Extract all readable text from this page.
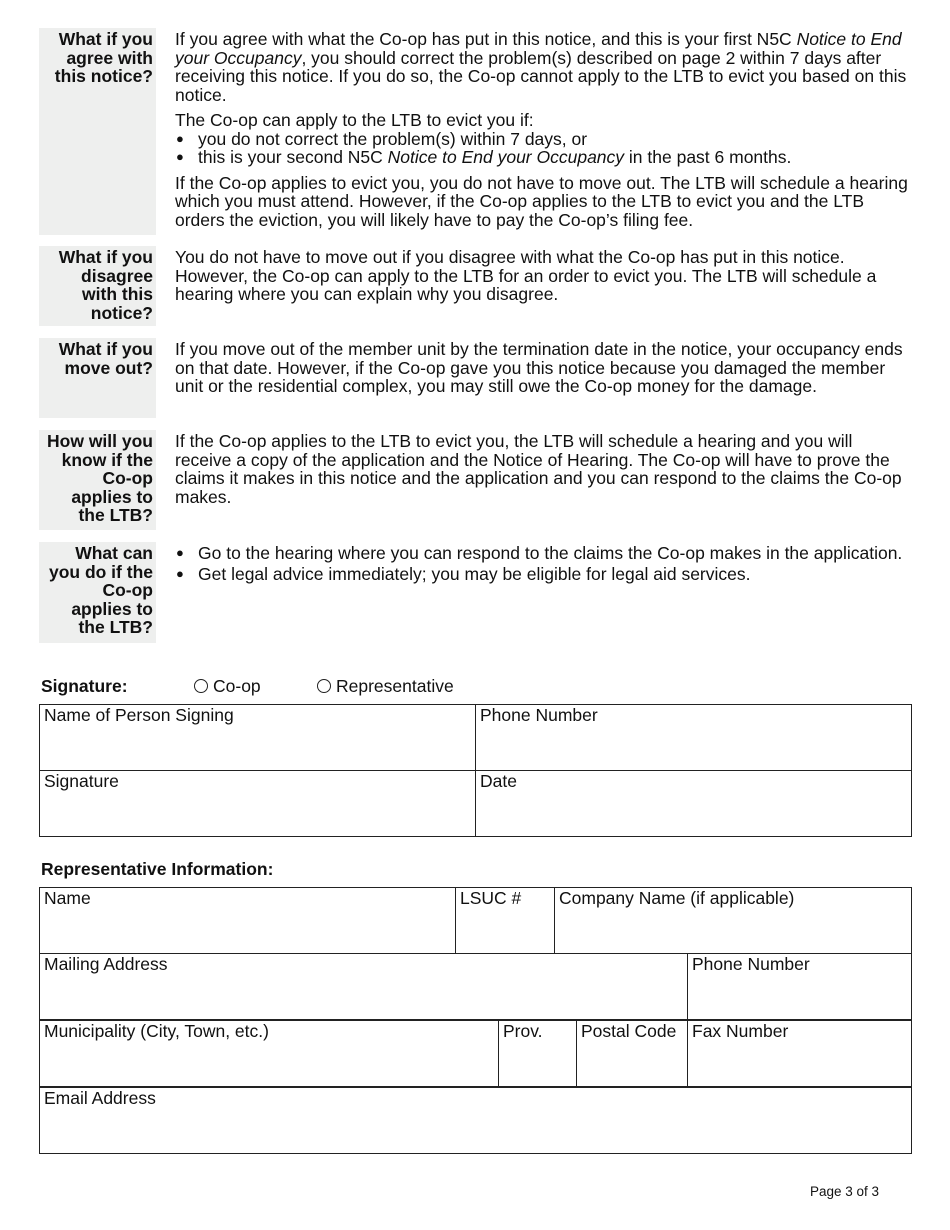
What if you
agree with
this notice?

If you agree with what the Co-op has put in this notice, and this is your first N5C Notice to End your Occupancy, you should correct the problem(s) described on page 2 within 7 days after receiving this notice. If you do so, the Co-op cannot apply to the LTB to evict you based on this notice.

The Co-op can apply to the LTB to evict you if:

● you do not correct the problem(s) within 7 days, or
● this is your second N5C Notice to End your Occupancy in the past 6 months.

If the Co-op applies to evict you, you do not have to move out. The LTB will schedule a hearing which you must attend. However, if the Co-op applies to the LTB to evict you and the LTB orders the eviction, you will likely have to pay the Co-op’s filing fee.

What if you
disagree
with this
notice?

You do not have to move out if you disagree with what the Co-op has put in this notice. However, the Co-op can apply to the LTB for an order to evict you. The LTB will schedule a hearing where you can explain why you disagree.

What if you
move out?

If you move out of the member unit by the termination date in the notice, your occupancy ends on that date. However, if the Co-op gave you this notice because you damaged the member unit or the residential complex, you may still owe the Co-op money for the damage.

How will you
know if the
Co-op
applies to
the LTB?

If the Co-op applies to the LTB to evict you, the LTB will schedule a hearing and you will receive a copy of the application and the Notice of Hearing. The Co-op will have to prove the claims it makes in this notice and the application and you can respond to the claims the Co-op makes.

What can
you do if the
Co-op
applies to
the LTB?
● Go to the hearing where you can respond to the claims the Co-op makes in the application.
● Get legal advice immediately; you may be eligible for legal aid services.
Signature:	Co-op	Representative
Name of Person Signing	Phone Number
Signature	Date
Representative Information:
Name	LSUC #	Company Name (if applicable)
Mailing Address	Phone Number
Municipality (City, Town, etc.)	Prov.	Postal Code	Fax Number
Email Address
Page 3 of 3
